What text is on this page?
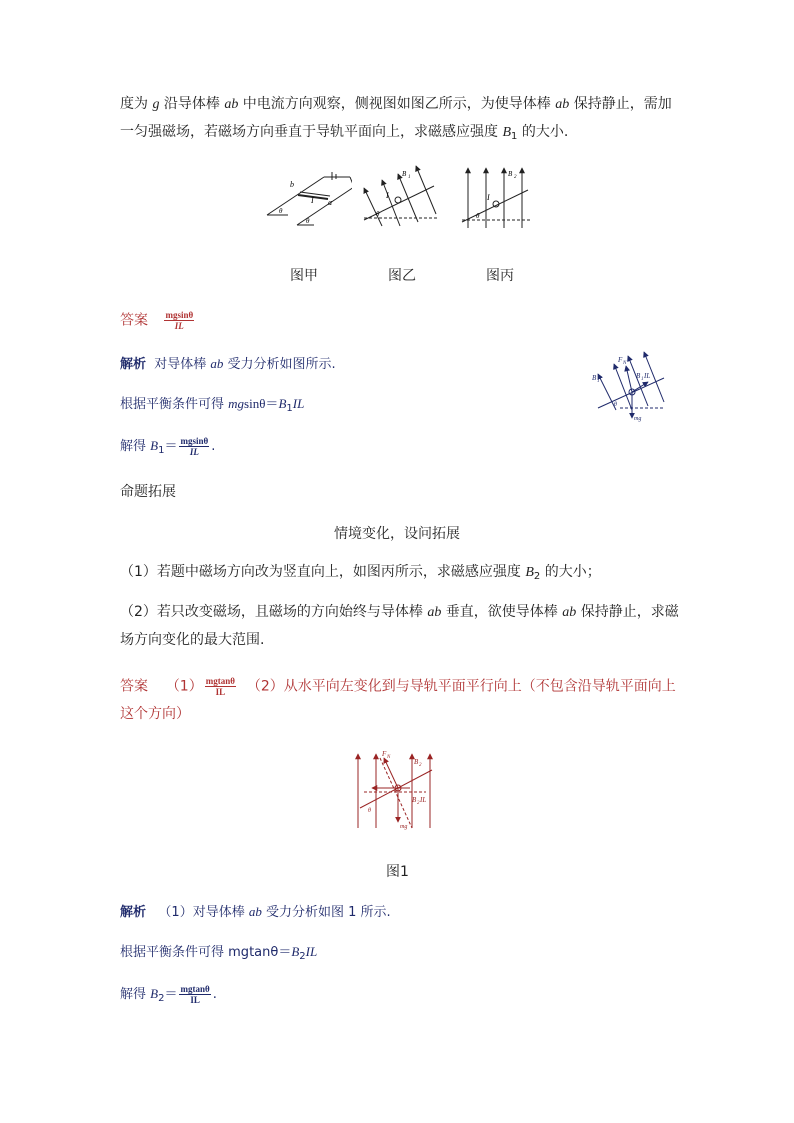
度为 g 沿导体棒 ab 中电流方向观察，侧视图如图乙所示，为使导体棒 ab 保持静止，需加
一匀强磁场，若磁场方向垂直于导轨平面向上，求磁感应强度 $B_1$ 的大小.
b
a
I
θ
θ
I
B 1
θ
I
B 2
θ
图甲	图乙	图丙
答案 $\frac{mgsin\theta}{IL}$
解析 对导体棒 ab 受力分析如图所示.
根据平衡条件可得 $mgsin\theta=B_1IL$
解得 $B_1= \frac{mgsin\theta}{IL}$ .
B 1
F N
B 1 IL
mg
θ
命题拓展
情境变化，设问拓展
（1）若题中磁场方向改为竖直向上，如图丙所示，求磁感应强度 $B_2$ 的大小；
（2）若只改变磁场，且磁场的方向始终与导体棒 ab 垂直，欲使导体棒 ab 保持静止，求磁
场方向变化的最大范围.
答案 $(1) \frac{mgtan\theta}{IL} (2)$从水平向左变化到与导轨平面平行向上（不包含沿导轨平面向上
这个方向）
F N
B 2
B 2 IL
mg
θ
图1
解析 （1）对导体棒 ab 受力分析如图 1 所示.
根据平衡条件可得 $mgtan\theta=B_2IL$
解得 $B_2= \frac{mgtan\theta}{IL}$ .
